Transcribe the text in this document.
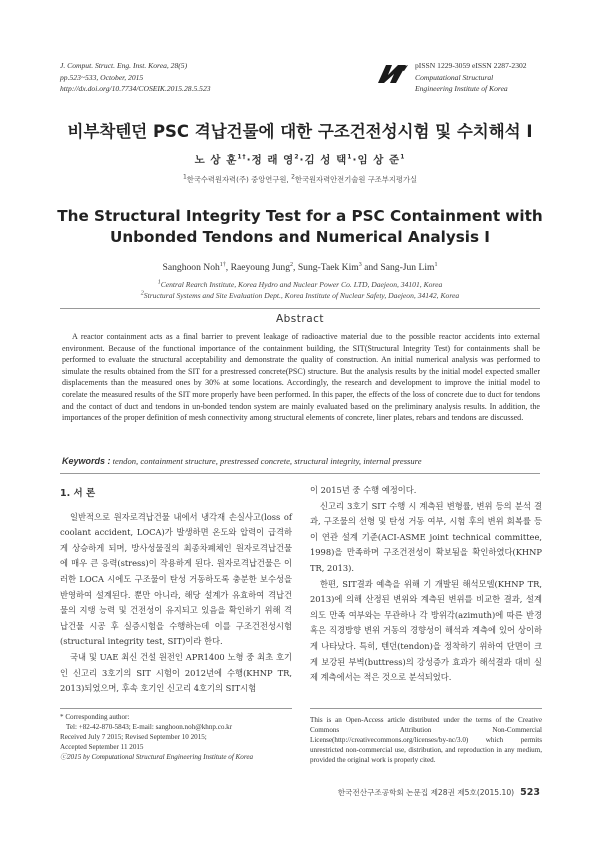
J. Comput. Struct. Eng. Inst. Korea, 28(5)
pp.523~533, October, 2015
http://dx.doi.org/10.7734/COSEIK.2015.28.5.523
pISSN 1229-3059 eISSN 2287-2302
Computational Structural
Engineering Institute of Korea
비부착텐던 PSC 격납건물에 대한 구조건전성시험 및 수치해석 I
노 상 훈$^{1\dagger}$·정 래 영$^2$·김 성 택$^1$·임 상 준$^1$
$^1$한국수력원자력(주) 중앙연구원, $^2$한국원자력안전기술원 구조부지평가실
The Structural Integrity Test for a PSC Containment with
Unbonded Tendons and Numerical Analysis I
Sanghoon Noh$^{1\dagger}$, Raeyoung Jung$^2$, Sung-Taek Kim$^3$ and Sang-Jun Lim$^1$
$^1$Central Rearch Institute, Korea Hydro and Nuclear Power Co. LTD, Daejeon, 34101, Korea
$^2$Structural Systems and Site Evaluation Dept., Korea Institute of Nuclear Safety, Daejeon, 34142, Korea
Abstract
A reactor containment acts as a final barrier to prevent leakage of radioactive material due to the possible reactor accidents into external environment. Because of the functional importance of the containment building, the SIT(Structural Integrity Test) for containments shall be performed to evaluate the structural acceptability and demonstrate the quality of construction. An initial numerical analysis was performed to simulate the results obtained from the SIT for a prestressed concrete(PSC) structure. But the analysis results by the initial model expected smaller displacements than the measured ones by 30% at some locations. Accordingly, the research and development to improve the initial model to corelate the measured results of the SIT more properly have been performed. In this paper, the effects of the loss of concrete due to duct for tendons and the contact of duct and tendons in un-bonded tendon system are mainly evaluated based on the preliminary analysis results. In addition, the importances of the proper definition of mesh connectivity among structural elements of concrete, liner plates, rebars and tendons are discussed.
Keywords : tendon, containment structure, prestressed concrete, structural integrity, internal pressure
1. 서 론
일반적으로 원자로격납건물 내에서 냉각재 손실사고(loss of coolant accident, LOCA)가 발생하면 온도와 압력이 급격하게 상승하게 되며, 방사성물질의 최종차폐체인 원자로격납건물에 매우 큰 응력(stress)이 작용하게 된다. 원자로격납건물은 이러한 LOCA 시에도 구조물이 탄성 거동하도록 충분한 보수성을 반영하여 설계된다. 뿐만 아니라, 해당 설계가 유효하여 격납건물의 지탱 능력 및 건전성이 유지되고 있음을 확인하기 위해 격납건물 시공 후 실증시험을 수행하는데 이를 구조건전성시험(structural integrity test, SIT)이라 한다.
국내 및 UAE 최신 건설 원전인 APR1400 노형 중 최초 호기인 신고리 3호기의 SIT 시험이 2012년에 수행(KHNP TR, 2013)되었으며, 후속 호기인 신고리 4호기의 SIT시험
이 2015년 중 수행 예정이다.
신고리 3호기 SIT 수행 시 계측된 변형률, 변위 등의 분석 결과, 구조물의 선형 및 탄성 거동 여부, 시험 후의 변위 회복률 등이 연관 설계 기준(ACI-ASME joint technical committee, 1998)을 만족하며 구조건전성이 확보됨을 확인하였다(KHNP TR, 2013).
한편, SIT결과 예측을 위해 기 개발된 해석모델(KHNP TR, 2013)에 의해 산정된 변위와 계측된 변위를 비교한 결과, 설계 의도 만족 여부와는 무관하나 각 방위각(azimuth)에 따른 반경 혹은 직경방향 변위 거동의 경향성이 해석과 계측에 있어 상이하게 나타났다. 특히, 텐던(tendon)을 정착하기 위하여 단면이 크게 보강된 부벽(buttress)의 강성증가 효과가 해석결과 대비 실제 계측에서는 적은 것으로 분석되었다.
* Corresponding author:
Tel: +82-42-870-5843; E-mail: sanghoon.noh@khnp.co.kr
Received July 7 2015; Revised September 10 2015;
Accepted September 11 2015
ⓒ2015 by Computational Structural Engineering Institute of Korea
This is an Open-Access article distributed under the terms of the Creative Commons Attribution Non-Commercial License(http://creativecommons.org/licenses/by-nc/3.0) which permits unrestricted non-commercial use, distribution, and reproduction in any medium, provided the original work is properly cited.
한국전산구조공학회 논문집 제28권 제5호(2015.10) 523
